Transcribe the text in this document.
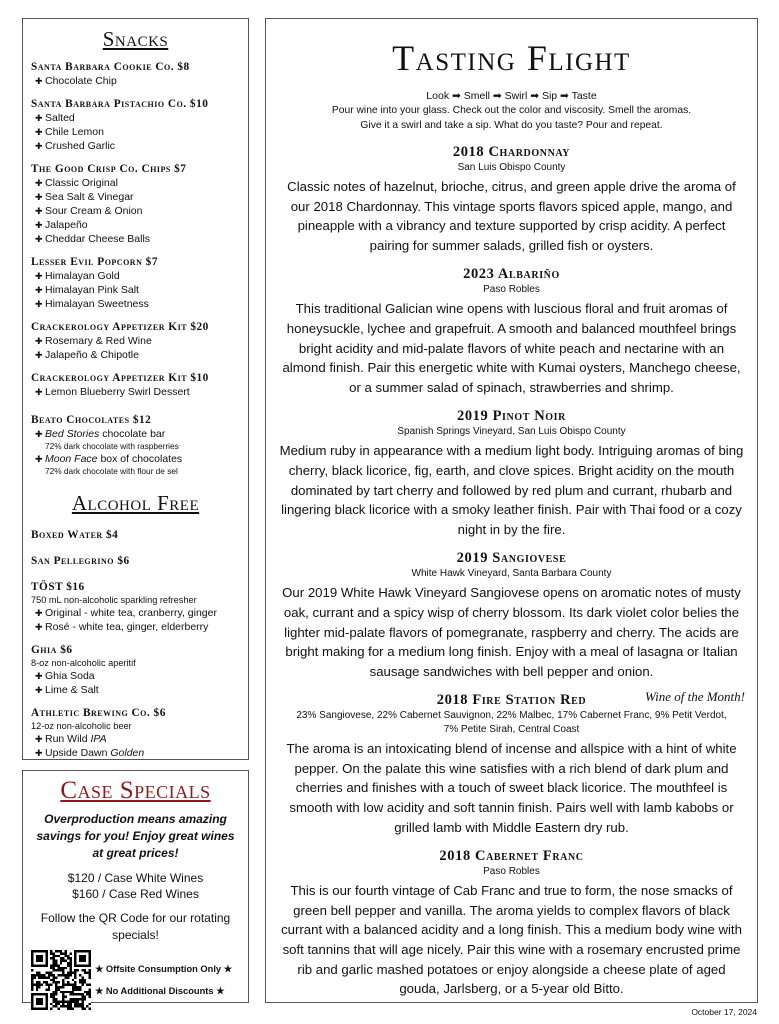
Snacks
Santa Barbara Cookie Co. $8
✚ Chocolate Chip
Santa Barbara Pistachio Co. $10
✚ Salted
✚ Chile Lemon
✚ Crushed Garlic
The Good Crisp Co. Chips $7
✚ Classic Original
✚ Sea Salt & Vinegar
✚ Sour Cream & Onion
✚ Jalapeño
✚ Cheddar Cheese Balls
Lesser Evil Popcorn $7
✚ Himalayan Gold
✚ Himalayan Pink Salt
✚ Himalayan Sweetness
Crackerology Appetizer Kit $20
✚ Rosemary & Red Wine
✚ Jalapeño & Chipotle
Crackerology Appetizer Kit $10
✚ Lemon Blueberry Swirl Dessert
Beato Chocolates $12
✚ Bed Stories chocolate bar
72% dark chocolate with raspberries
✚ Moon Face box of chocolates
72% dark chocolate with flour de sel
Alcohol Free
Boxed Water $4
San Pellegrino $6
TÖST $16
750 mL non-alcoholic sparkling refresher
✚ Original - white tea, cranberry, ginger
✚ Rosé - white tea, ginger, elderberry
Ghia $6
8-oz non-alcoholic aperitif
✚ Ghia Soda
✚ Lime & Salt
Athletic Brewing Co. $6
12-oz non-alcoholic beer
✚ Run Wild IPA
✚ Upside Dawn Golden
Case Specials
Overproduction means amazing savings for you! Enjoy great wines at great prices!
$120 / Case White Wines
$160 / Case Red Wines
Follow the QR Code for our rotating specials!
★ Offsite Consumption Only ★
★ No Additional Discounts ★
Tasting Flight
Look ➡ Smell ➡ Swirl ➡ Sip ➡ Taste
Pour wine into your glass. Check out the color and viscosity. Smell the aromas.
Give it a swirl and take a sip. What do you taste? Pour and repeat.
2018 Chardonnay
San Luis Obispo County
Classic notes of hazelnut, brioche, citrus, and green apple drive the aroma of our 2018 Chardonnay. This vintage sports flavors spiced apple, mango, and pineapple with a vibrancy and texture supported by crisp acidity. A perfect pairing for summer salads, grilled fish or oysters.
2023 Albariño
Paso Robles
This traditional Galician wine opens with luscious floral and fruit aromas of honeysuckle, lychee and grapefruit. A smooth and balanced mouthfeel brings bright acidity and mid-palate flavors of white peach and nectarine with an almond finish. Pair this energetic white with Kumai oysters, Manchego cheese, or a summer salad of spinach, strawberries and shrimp.
2019 Pinot Noir
Spanish Springs Vineyard, San Luis Obispo County
Medium ruby in appearance with a medium light body. Intriguing aromas of bing cherry, black licorice, fig, earth, and clove spices. Bright acidity on the mouth dominated by tart cherry and followed by red plum and currant, rhubarb and lingering black licorice with a smoky leather finish. Pair with Thai food or a cozy night in by the fire.
2019 Sangiovese
White Hawk Vineyard, Santa Barbara County
Our 2019 White Hawk Vineyard Sangiovese opens on aromatic notes of musty oak, currant and a spicy wisp of cherry blossom. Its dark violet color belies the lighter mid-palate flavors of pomegranate, raspberry and cherry. The acids are bright making for a medium long finish. Enjoy with a meal of lasagna or Italian sausage sandwiches with bell pepper and onion.
2018 Fire Station Red	Wine of the Month!
23% Sangiovese, 22% Cabernet Sauvignon, 22% Malbec, 17% Cabernet Franc, 9% Petit Verdot, 7% Petite Sirah, Central Coast
The aroma is an intoxicating blend of incense and allspice with a hint of white pepper. On the palate this wine satisfies with a rich blend of dark plum and cherries and finishes with a touch of sweet black licorice. The mouthfeel is smooth with low acidity and soft tannin finish. Pairs well with lamb kabobs or grilled lamb with Middle Eastern dry rub.
2018 Cabernet Franc
Paso Robles
This is our fourth vintage of Cab Franc and true to form, the nose smacks of green bell pepper and vanilla. The aroma yields to complex flavors of black currant with a balanced acidity and a long finish. This a medium body wine with soft tannins that will age nicely. Pair this wine with a rosemary encrusted prime rib and garlic mashed potatoes or enjoy alongside a cheese plate of aged gouda, Jarlsberg, or a 5-year old Bitto.
October 17, 2024
